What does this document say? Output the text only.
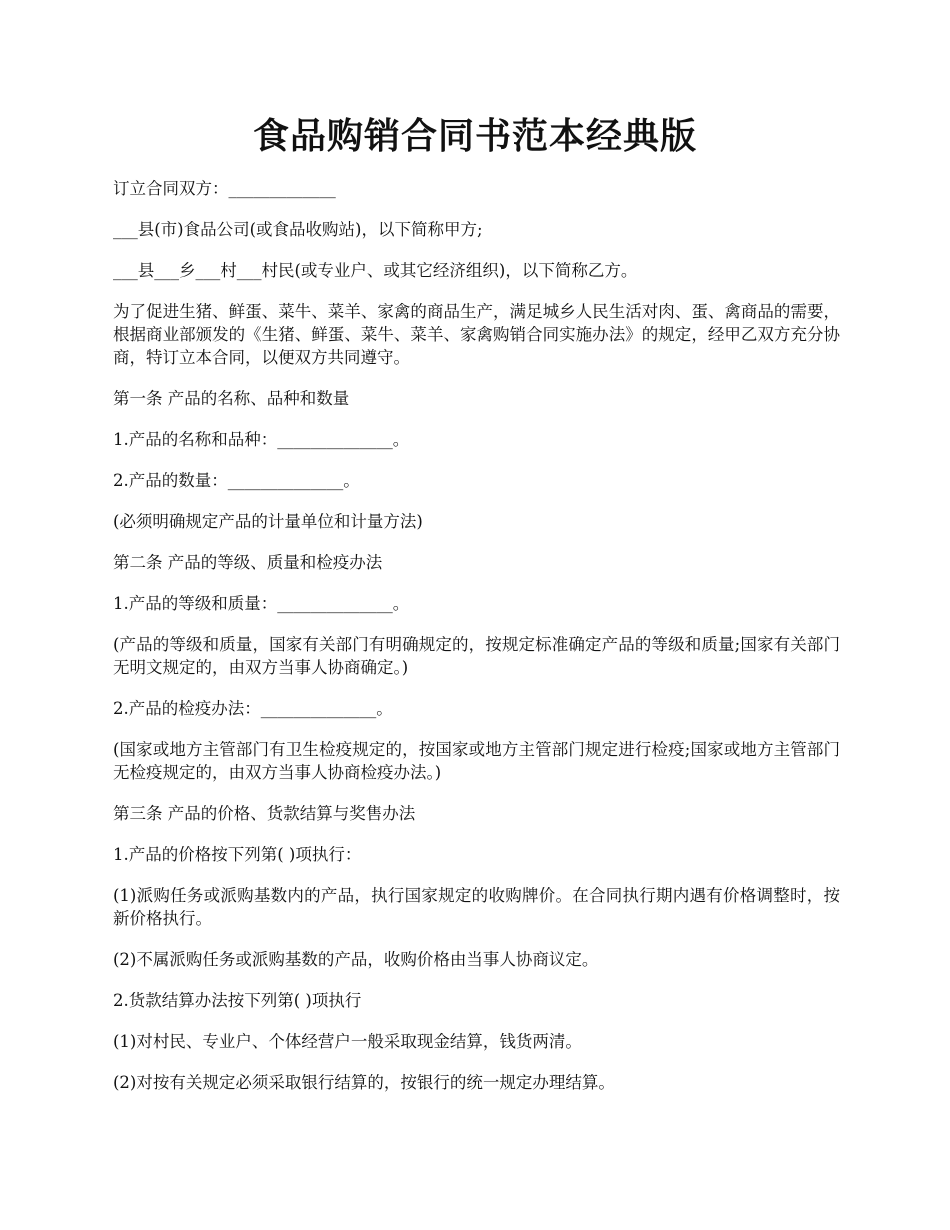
食品购销合同书范本经典版

订立合同双方：_____________

___县(市)食品公司(或食品收购站)，以下简称甲方;

___县___乡___村___村民(或专业户、或其它经济组织)，以下简称乙方。

为了促进生猪、鲜蛋、菜牛、菜羊、家禽的商品生产，满足城乡人民生活对肉、蛋、禽商品的需要，根据商业部颁发的《生猪、鲜蛋、菜牛、菜羊、家禽购销合同实施办法》的规定，经甲乙双方充分协商，特订立本合同，以便双方共同遵守。

第一条 产品的名称、品种和数量

1.产品的名称和品种：______________。

2.产品的数量：______________。

(必须明确规定产品的计量单位和计量方法)

第二条 产品的等级、质量和检疫办法

1.产品的等级和质量：______________。

(产品的等级和质量，国家有关部门有明确规定的，按规定标准确定产品的等级和质量;国家有关部门无明文规定的，由双方当事人协商确定。)

2.产品的检疫办法：______________。

(国家或地方主管部门有卫生检疫规定的，按国家或地方主管部门规定进行检疫;国家或地方主管部门无检疫规定的，由双方当事人协商检疫办法。)

第三条 产品的价格、货款结算与奖售办法

1.产品的价格按下列第( )项执行：

(1)派购任务或派购基数内的产品，执行国家规定的收购牌价。在合同执行期内遇有价格调整时，按新价格执行。

(2)不属派购任务或派购基数的产品，收购价格由当事人协商议定。

2.货款结算办法按下列第( )项执行

(1)对村民、专业户、个体经营户一般采取现金结算，钱货两清。

(2)对按有关规定必须采取银行结算的，按银行的统一规定办理结算。
